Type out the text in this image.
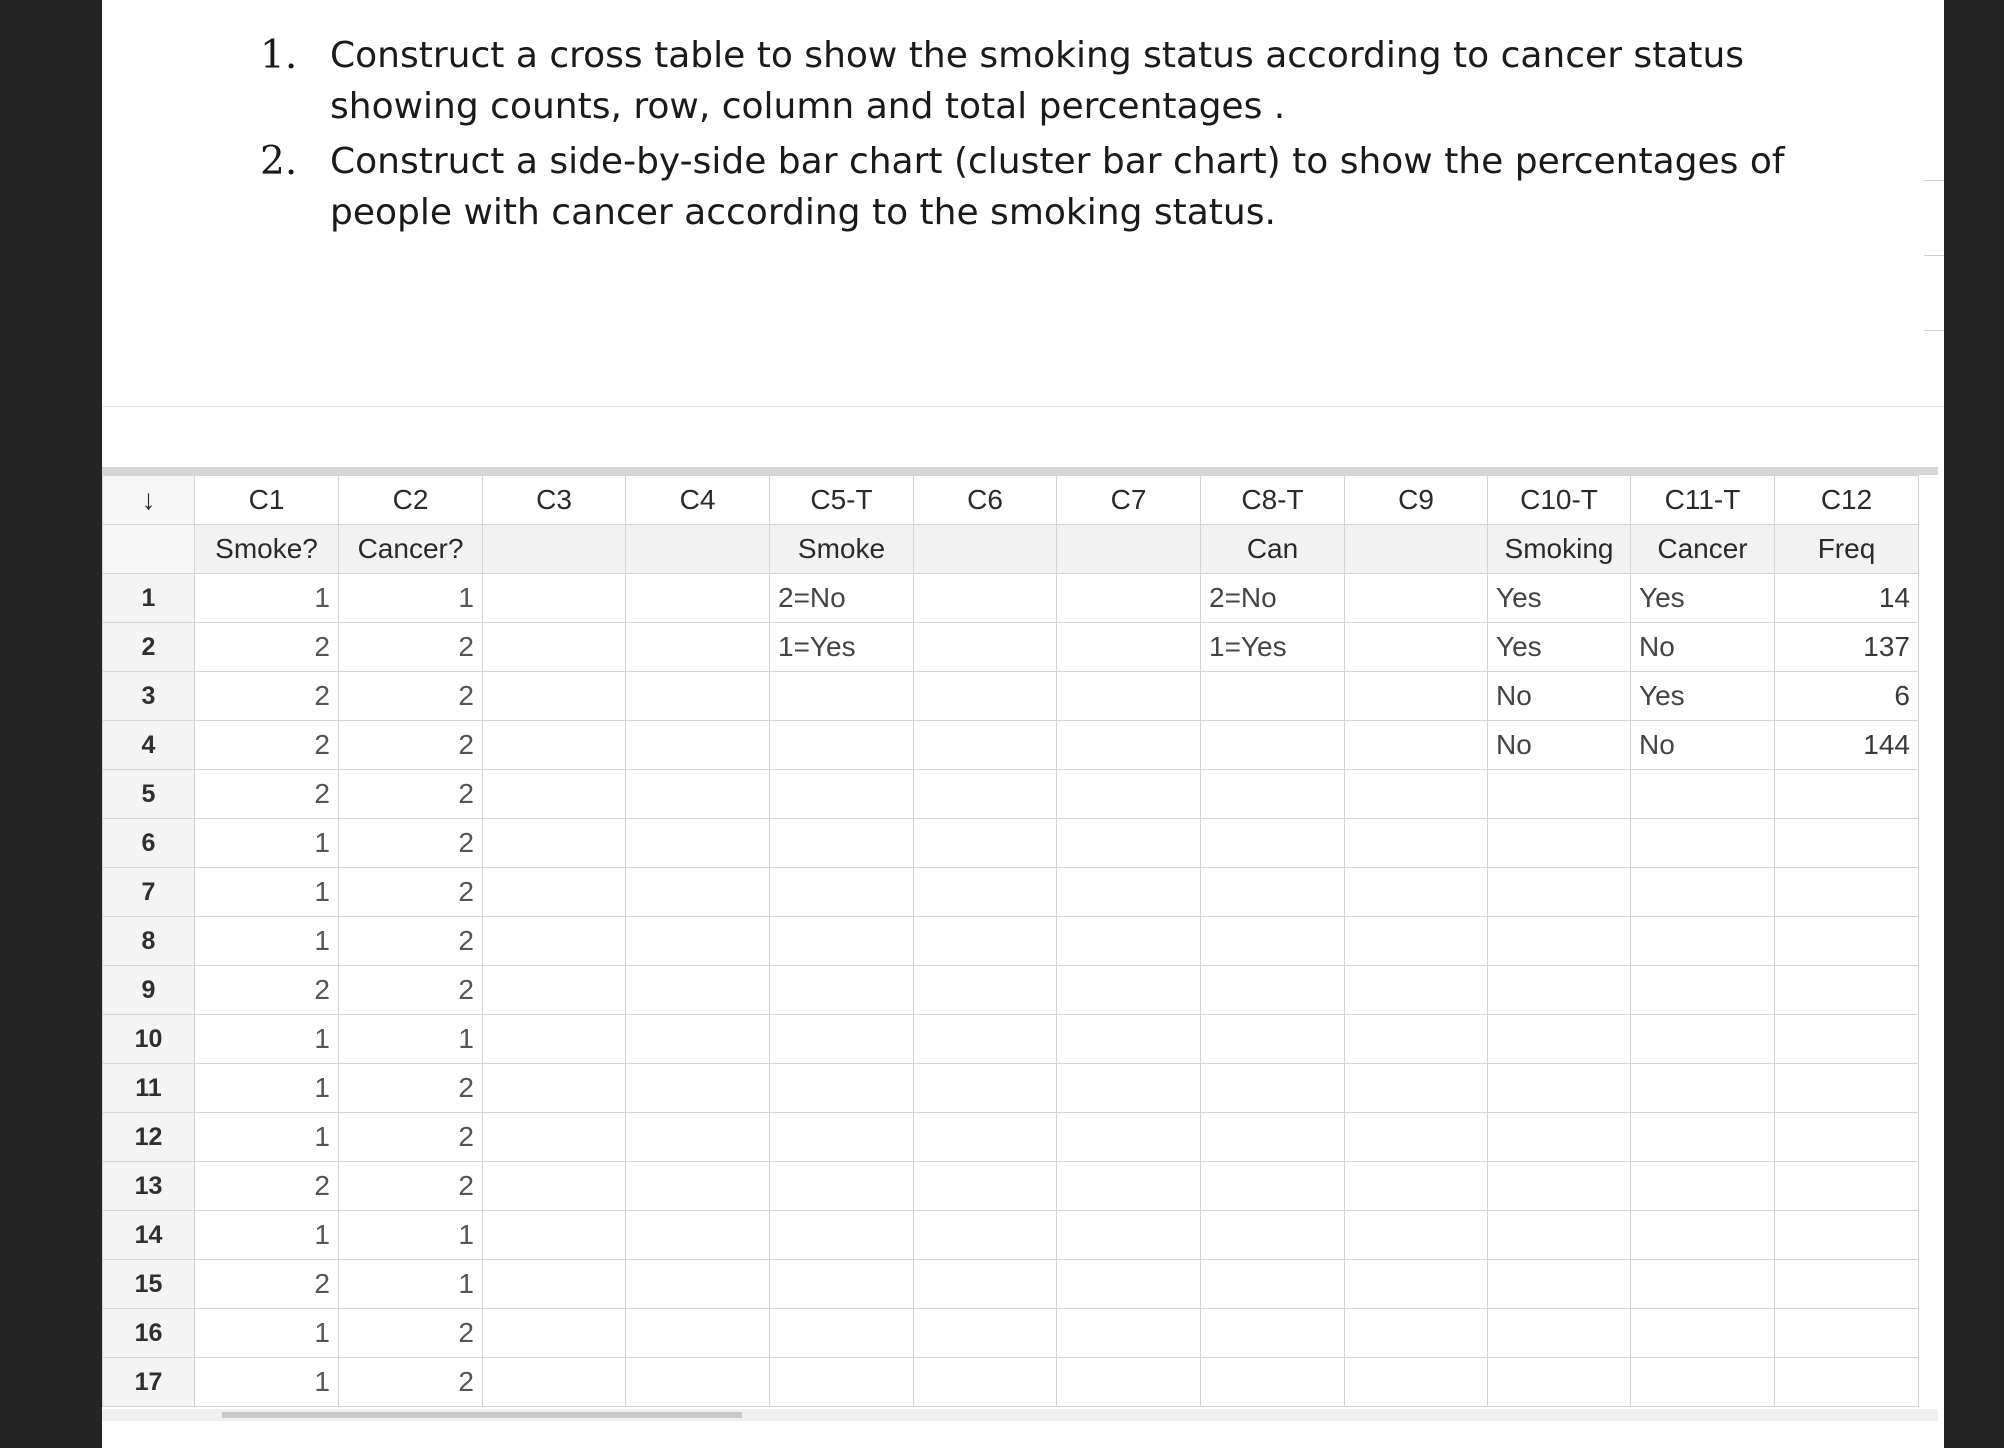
1. Construct a cross table to show the smoking status according to cancer status showing counts, row, column and total percentages .
2. Construct a side-by-side bar chart (cluster bar chart) to show the percentages of people with cancer according to the smoking status.
↓	C1	C2	C3	C4	C5-T	C6	C7	C8-T	C9	C10-T	C11-T	C12
	Smoke?	Cancer?			Smoke			Can		Smoking	Cancer	Freq
1	1	1			2=No			2=No		Yes	Yes	14
2	2	2			1=Yes			1=Yes		Yes	No	137
3	2	2								No	Yes	6
4	2	2								No	No	144
5	2	2										
6	1	2										
7	1	2										
8	1	2										
9	2	2										
10	1	1										
11	1	2										
12	1	2										
13	2	2										
14	1	1										
15	2	1										
16	1	2										
17	1	2										
